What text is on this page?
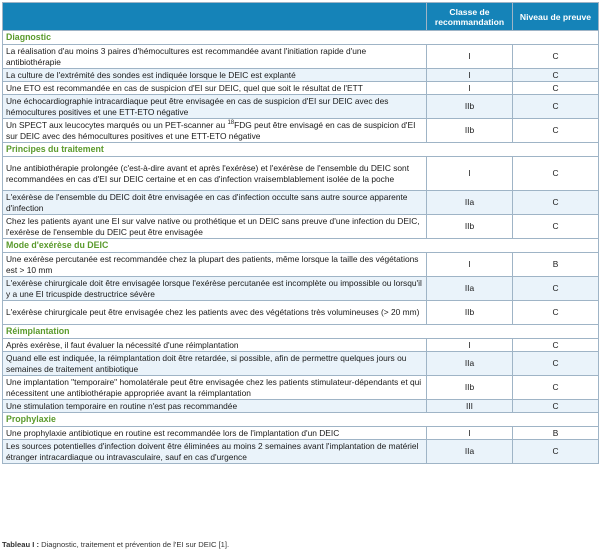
	Classe de recommandation	Niveau de preuve
Diagnostic		
La réalisation d'au moins 3 paires d'hémocultures est recommandée avant l'initiation rapide d'une antibiothérapie	I	C
La culture de l'extrémité des sondes est indiquée lorsque le DEIC est explanté	I	C
Une ETO est recommandée en cas de suspicion d'EI sur DEIC, quel que soit le résultat de l'ETT	I	C
Une échocardiographie intracardiaque peut être envisagée en cas de suspicion d'EI sur DEIC avec des hémocultures positives et une ETT-ETO négative	IIb	C
Un SPECT aux leucocytes marqués ou un PET-scanner au $^{18}$FDG peut être envisagé en cas de suspicion d'EI sur DEIC avec des hémocultures positives et une ETT-ETO négative	IIb	C
Principes du traitement		
Une antibiothérapie prolongée (c'est-à-dire avant et après l'exérèse) et l'exérèse de l'ensemble du DEIC sont recommandées en cas d'EI sur DEIC certaine et en cas d'infection vraisemblablement isolée de la poche	I	C
L'exérèse de l'ensemble du DEIC doit être envisagée en cas d'infection occulte sans autre source apparente d'infection	IIa	C
Chez les patients ayant une EI sur valve native ou prothétique et un DEIC sans preuve d'une infection du DEIC, l'exérèse de l'ensemble du DEIC peut être envisagée	IIb	C
Mode d'exérèse du DEIC		
Une exérèse percutanée est recommandée chez la plupart des patients, même lorsque la taille des végétations est > 10 mm	I	B
L'exérèse chirurgicale doit être envisagée lorsque l'exérèse percutanée est incomplète ou impossible ou lorsqu'il y a une EI tricuspide destructrice sévère	IIa	C
L'exérèse chirurgicale peut être envisagée chez les patients avec des végétations très volumineuses (> 20 mm)	IIb	C
Réimplantation		
Après exérèse, il faut évaluer la nécessité d'une réimplantation	I	C
Quand elle est indiquée, la réimplantation doit être retardée, si possible, afin de permettre quelques jours ou semaines de traitement antibiotique	IIa	C
Une implantation "temporaire" homolatérale peut être envisagée chez les patients stimulateur-dépendants et qui nécessitent une antibiothérapie appropriée avant la réimplantation	IIb	C
Une stimulation temporaire en routine n'est pas recommandée	III	C
Prophylaxie		
Une prophylaxie antibiotique en routine est recommandée lors de l'implantation d'un DEIC	I	B
Les sources potentielles d'infection doivent être éliminées au moins 2 semaines avant l'implantation de matériel étranger intracardiaque ou intravasculaire, sauf en cas d'urgence	IIa	C
Tableau I : Diagnostic, traitement et prévention de l'EI sur DEIC [1].
